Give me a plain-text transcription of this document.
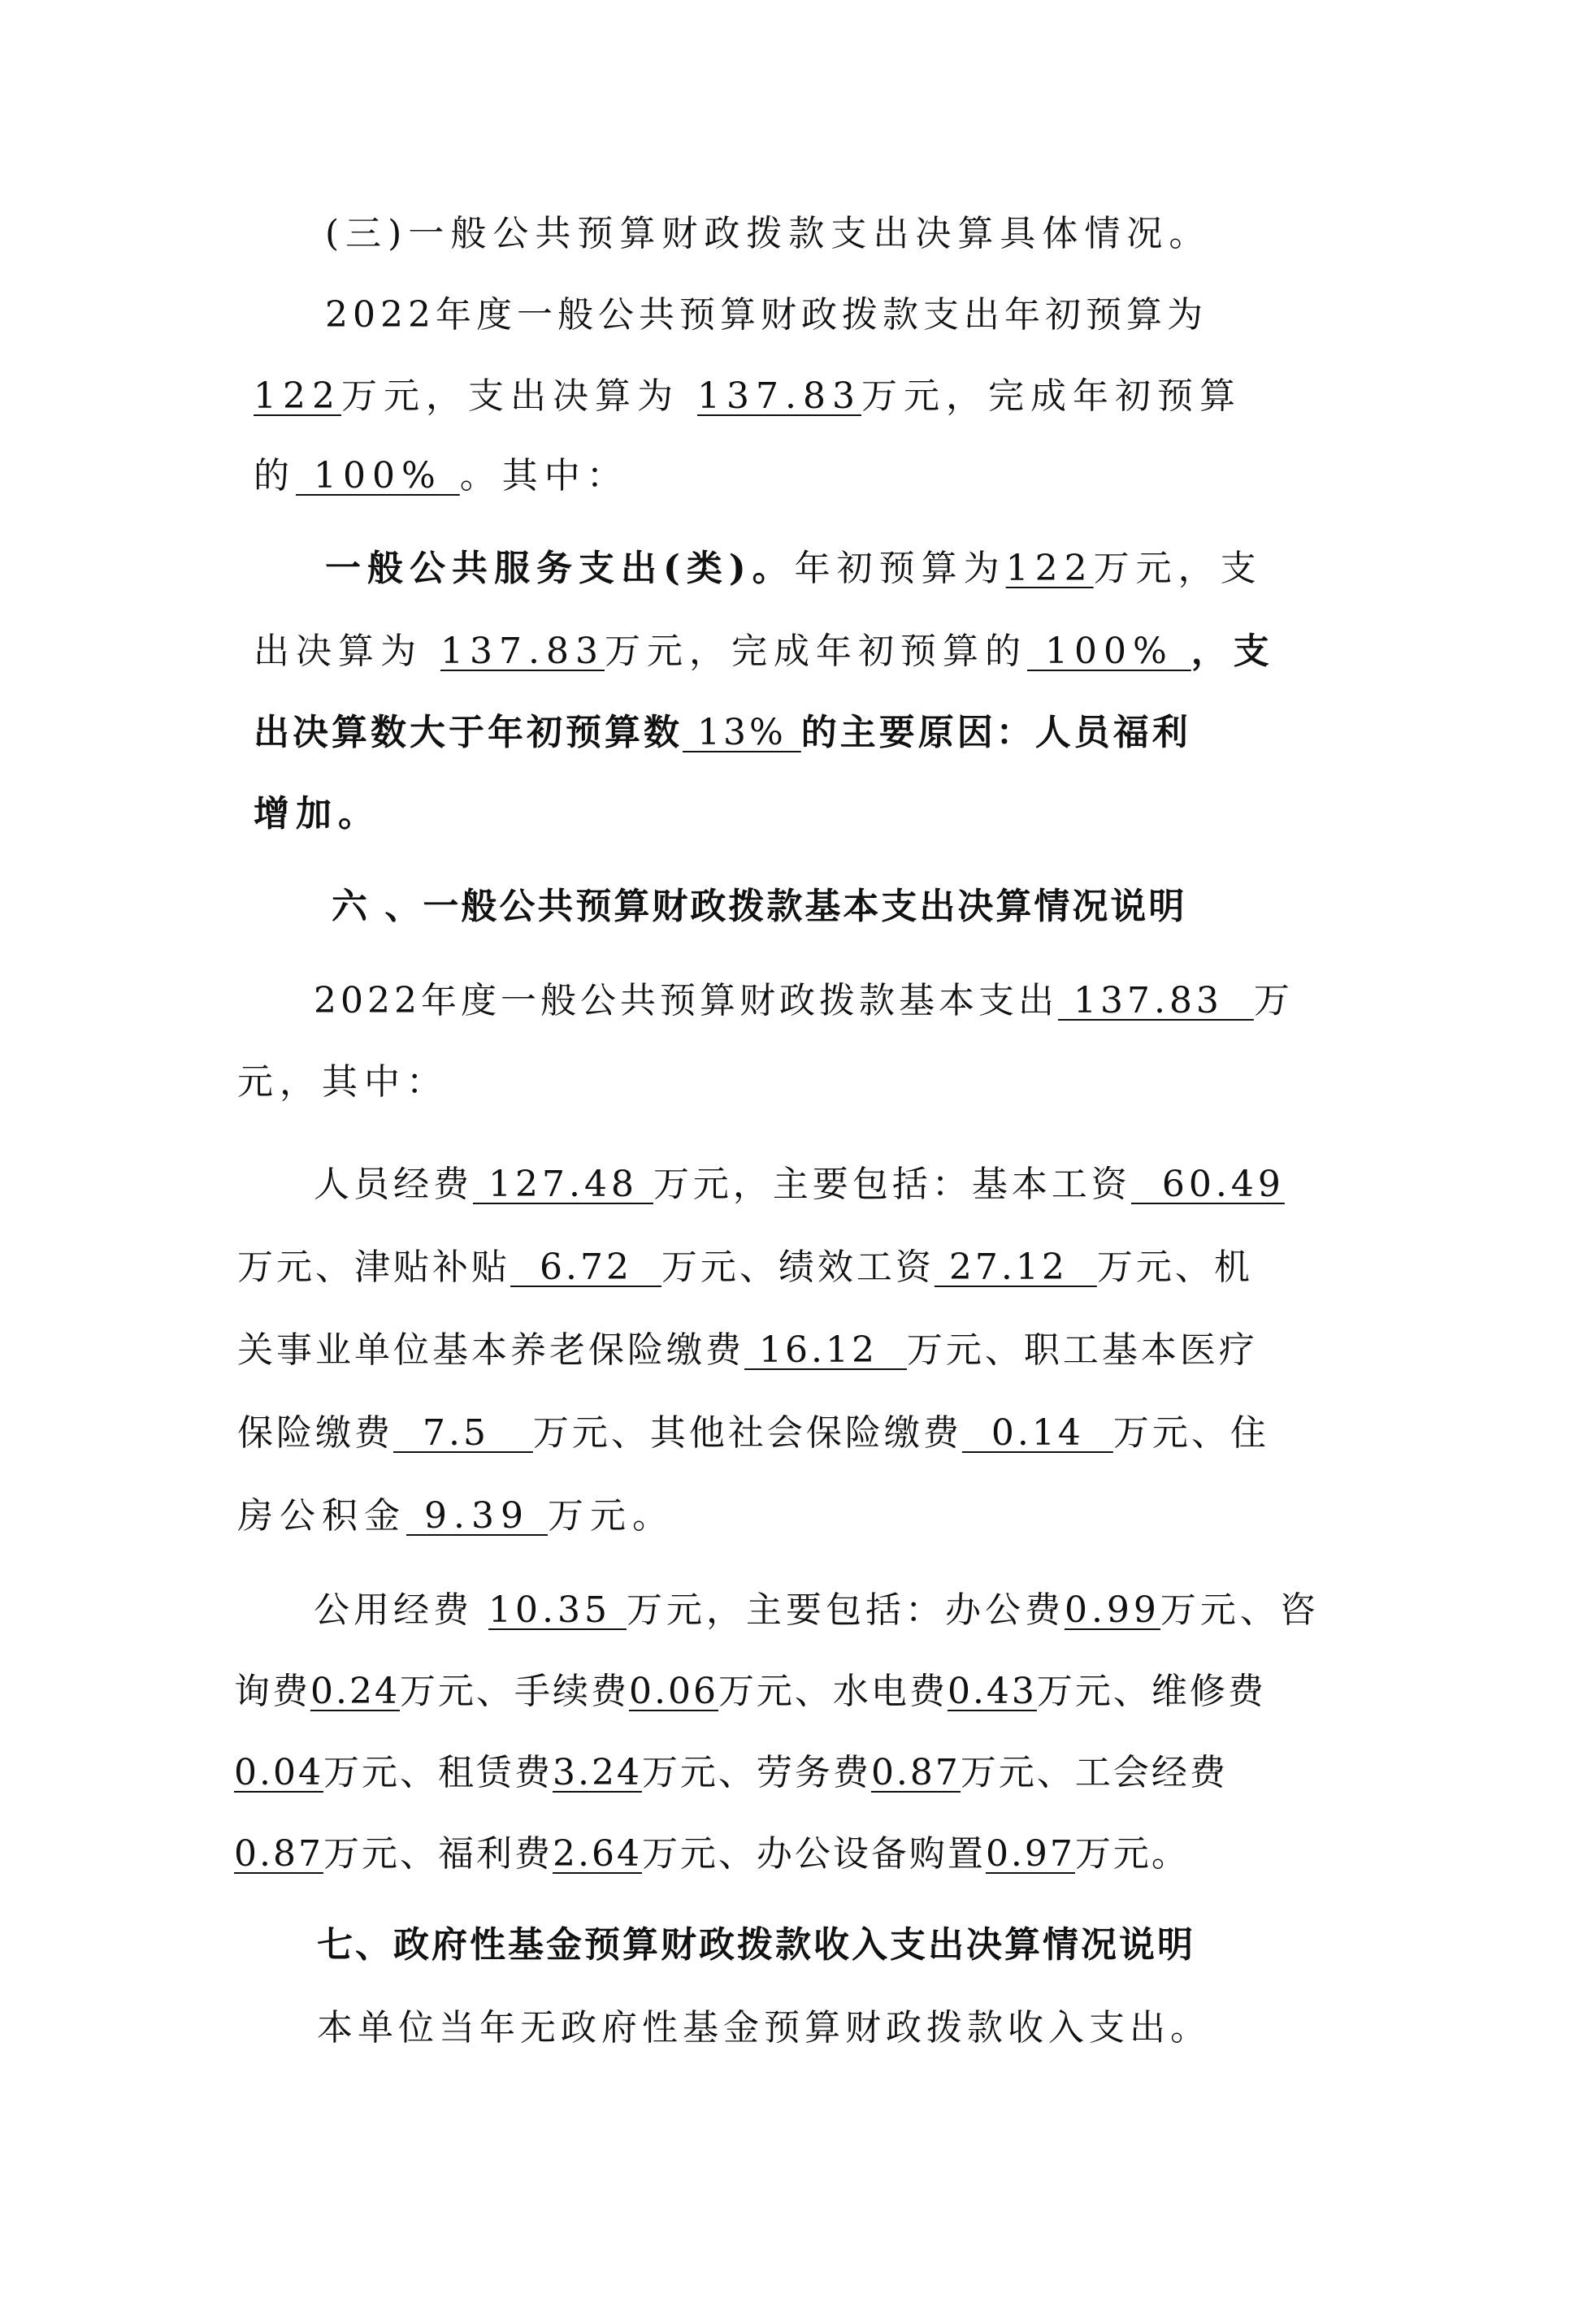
(三)一般公共预算财政拨款支出决算具体情况。
2022年度一般公共预算财政拨款支出年初预算为
122万元，支出决算为 137.83万元，完成年初预算
的 100% 。其中：
一般公共服务支出(类)。年初预算为122万元，支
出决算为 137.83万元，完成年初预算的 100% ，支
出决算数大于年初预算数 13% 的主要原因：人员福利
增加。
六 、一般公共预算财政拨款基本支出决算情况说明
2022年度一般公共预算财政拨款基本支出 137.83  万
元，其中：
人员经费 127.48 万元，主要包括：基本工资  60.49
万元、津贴补贴  6.72  万元、绩效工资 27.12  万元、机
关事业单位基本养老保险缴费 16.12  万元、职工基本医疗
保险缴费  7.5   万元、其他社会保险缴费  0.14  万元、住
房公积金 9.39 万元。
公用经费 10.35 万元，主要包括：办公费0.99万元、咨
询费0.24万元、手续费0.06万元、水电费0.43万元、维修费
0.04万元、租赁费3.24万元、劳务费0.87万元、工会经费
0.87万元、福利费2.64万元、办公设备购置0.97万元。
七、政府性基金预算财政拨款收入支出决算情况说明
本单位当年无政府性基金预算财政拨款收入支出。
